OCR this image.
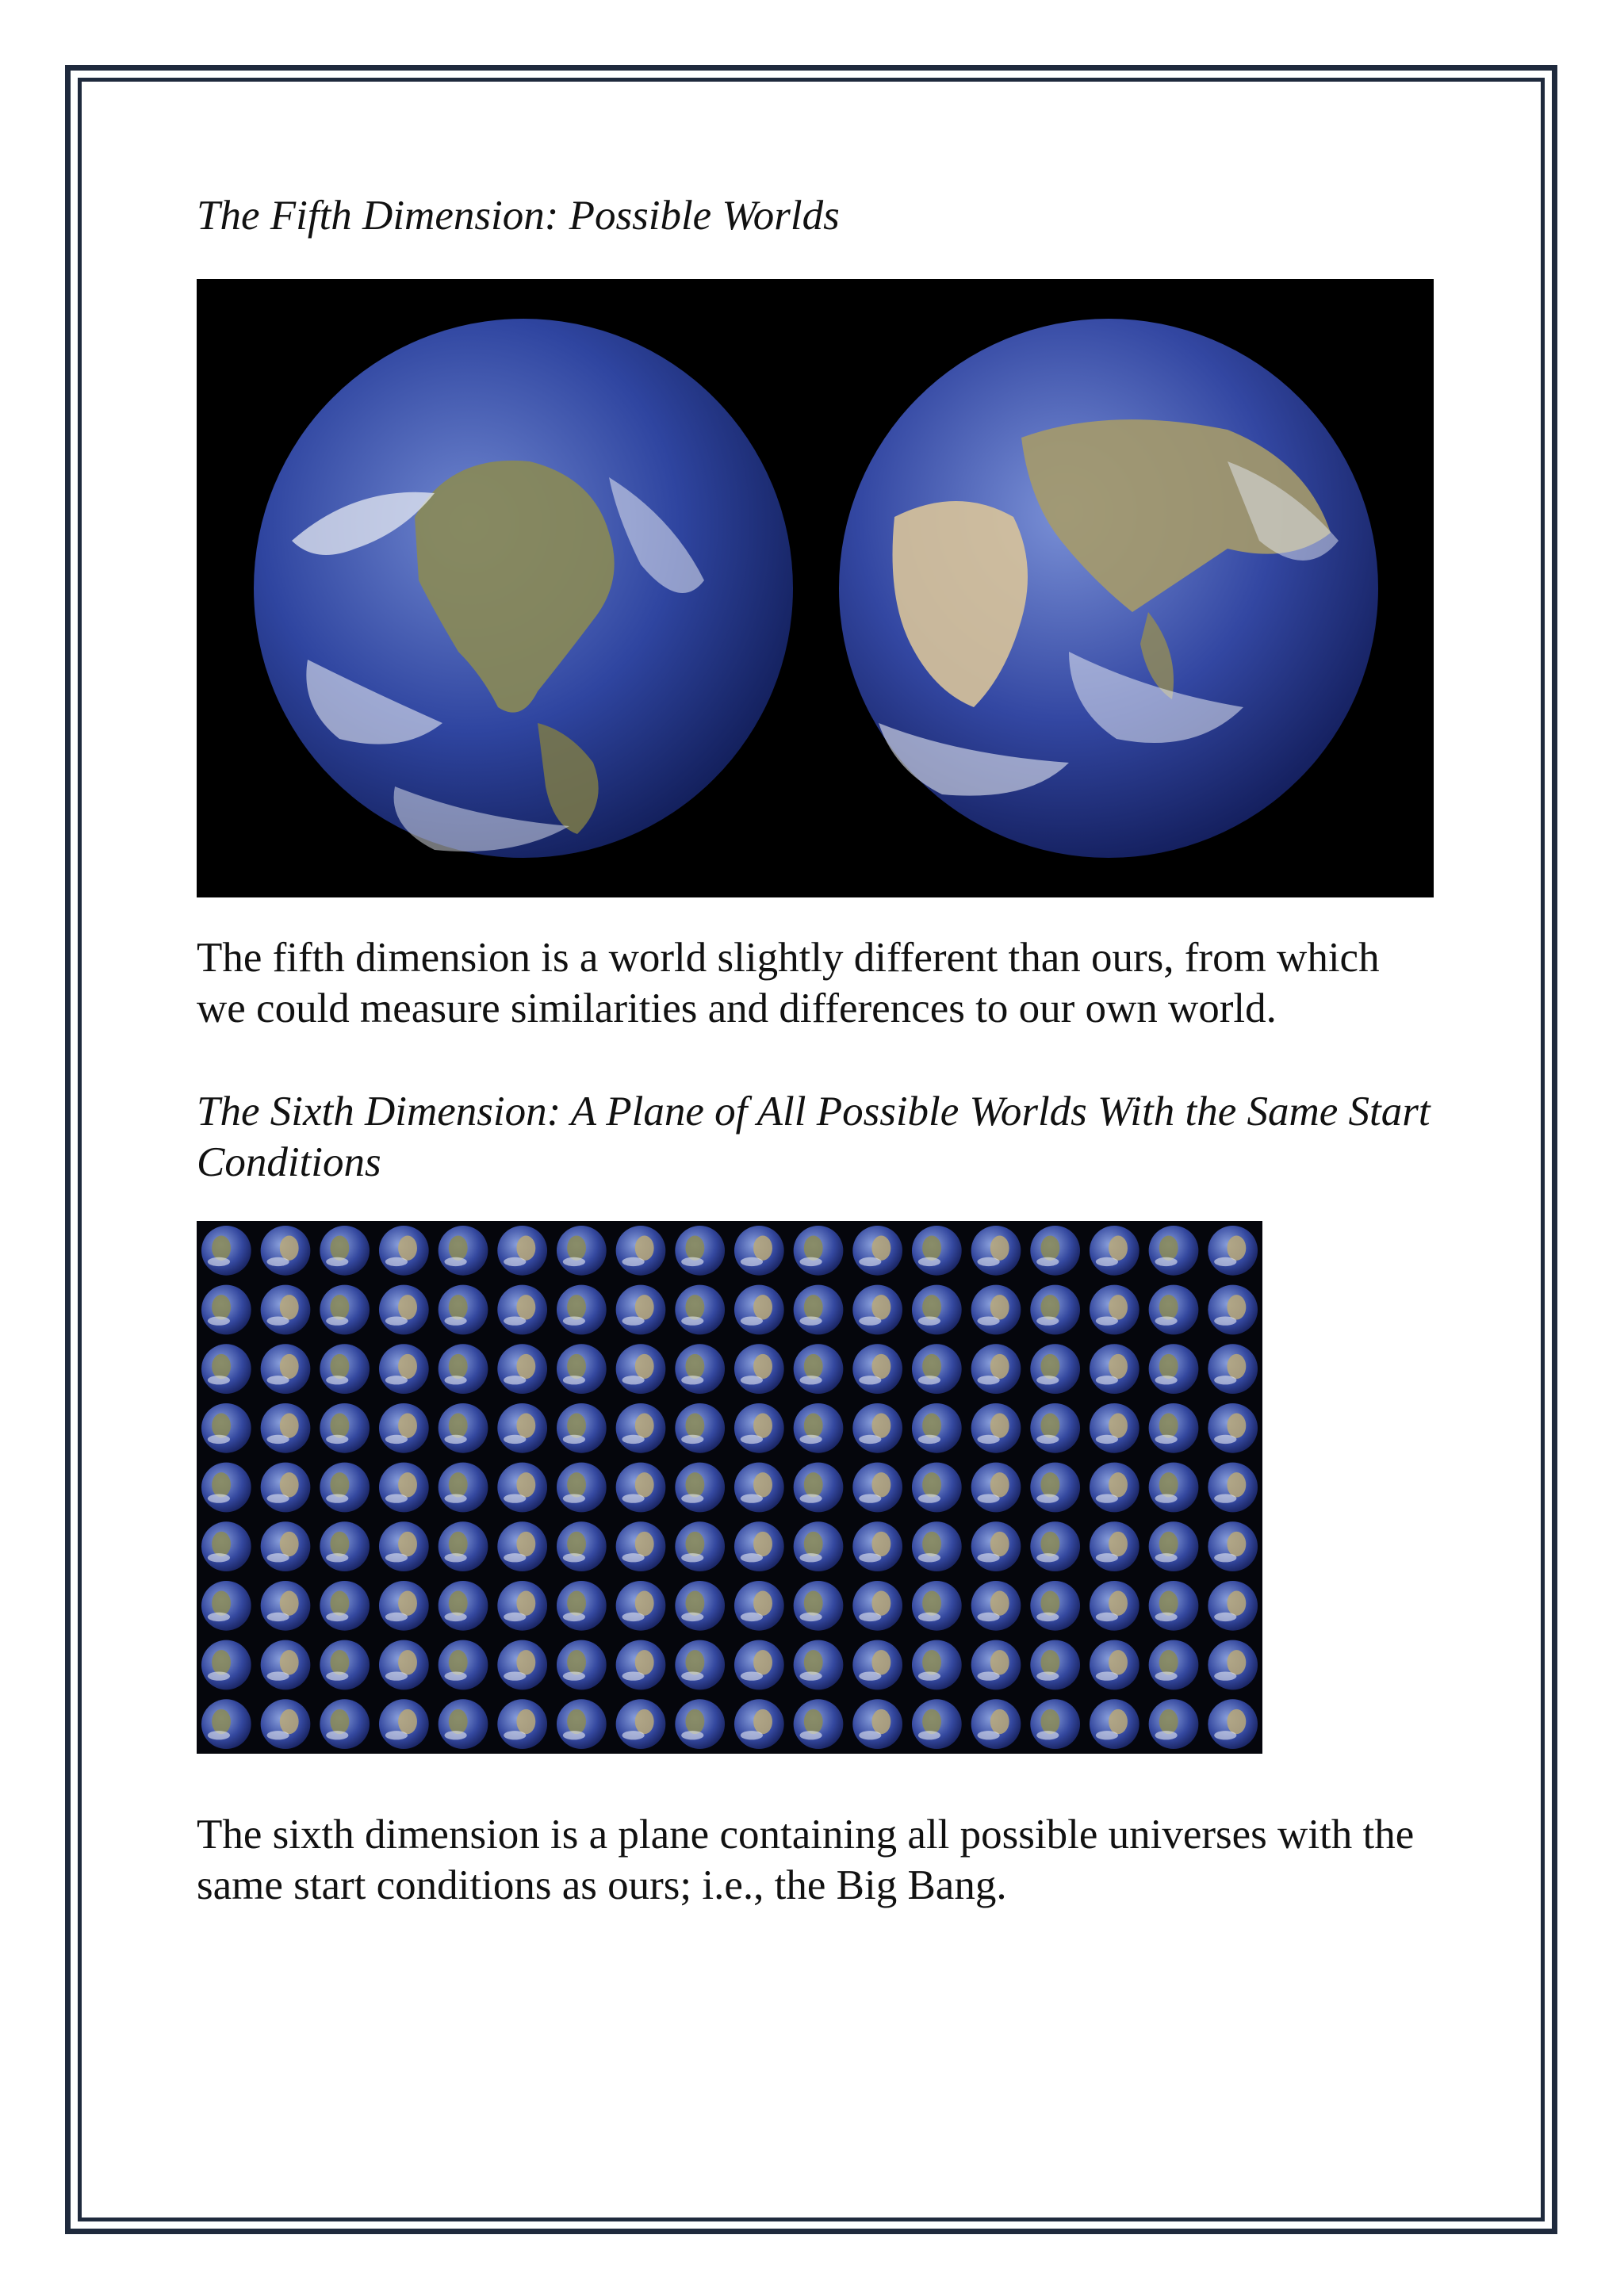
The Fifth Dimension: Possible Worlds

The fifth dimension is a world slightly different than ours, from which we could measure similarities and differences to our own world.

The Sixth Dimension: A Plane of All Possible Worlds With the Same Start Conditions

The sixth dimension is a plane containing all possible universes with the same start conditions as ours; i.e., the Big Bang.
